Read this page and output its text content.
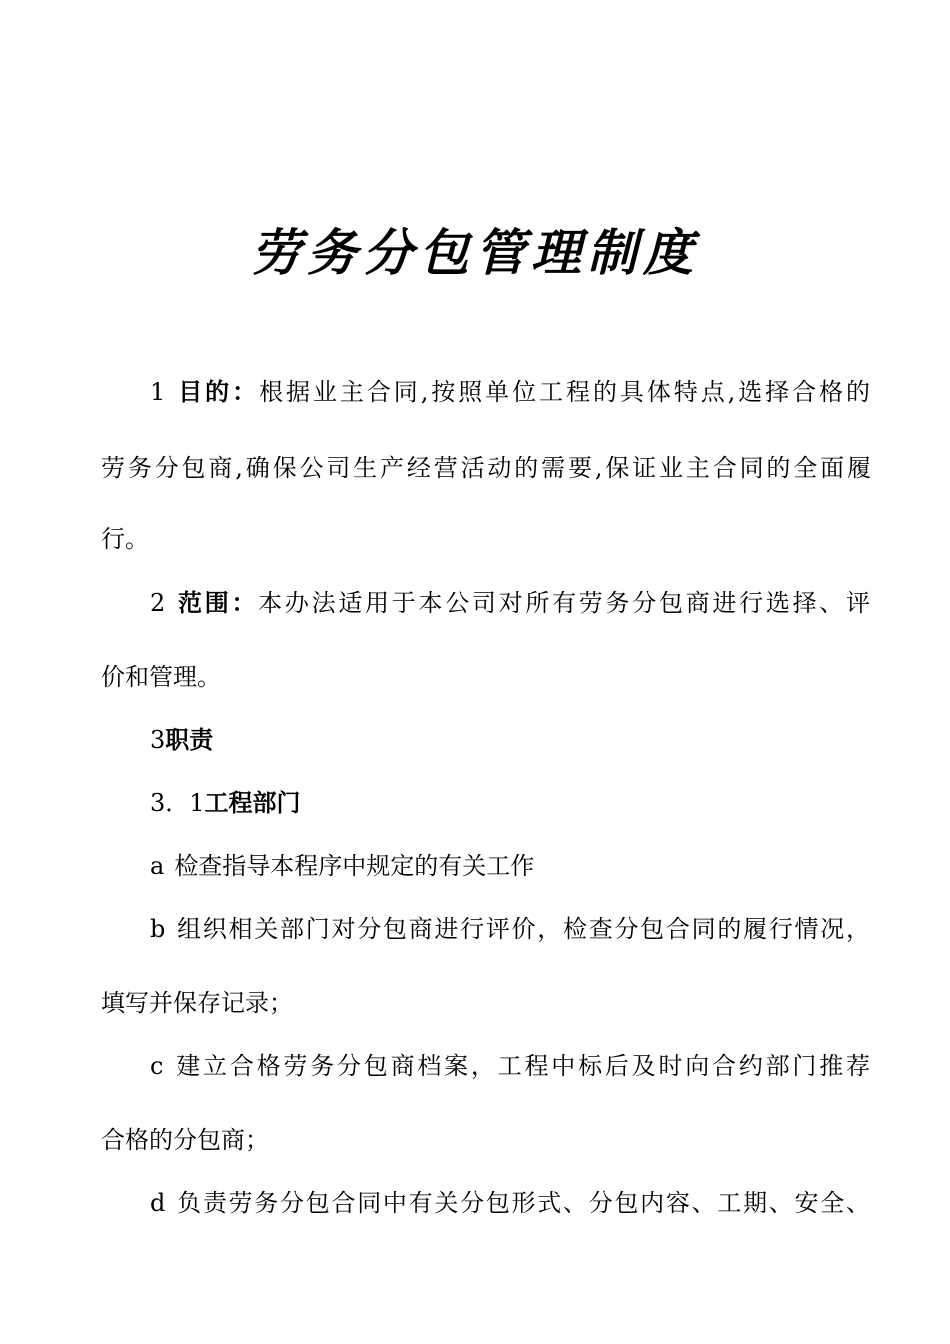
劳务分包管理制度
1 目的：根据业主合同,按照单位工程的具体特点,选择合格的
劳务分包商,确保公司生产经营活动的需要,保证业主合同的全面履
行。
2 范围：本办法适用于本公司对所有劳务分包商进行选择、评
价和管理。
3职责
3．1工程部门
a 检查指导本程序中规定的有关工作
b 组织相关部门对分包商进行评价，检查分包合同的履行情况，
填写并保存记录；
c 建立合格劳务分包商档案，工程中标后及时向合约部门推荐
合格的分包商；
d 负责劳务分包合同中有关分包形式、分包内容、工期、安全、
